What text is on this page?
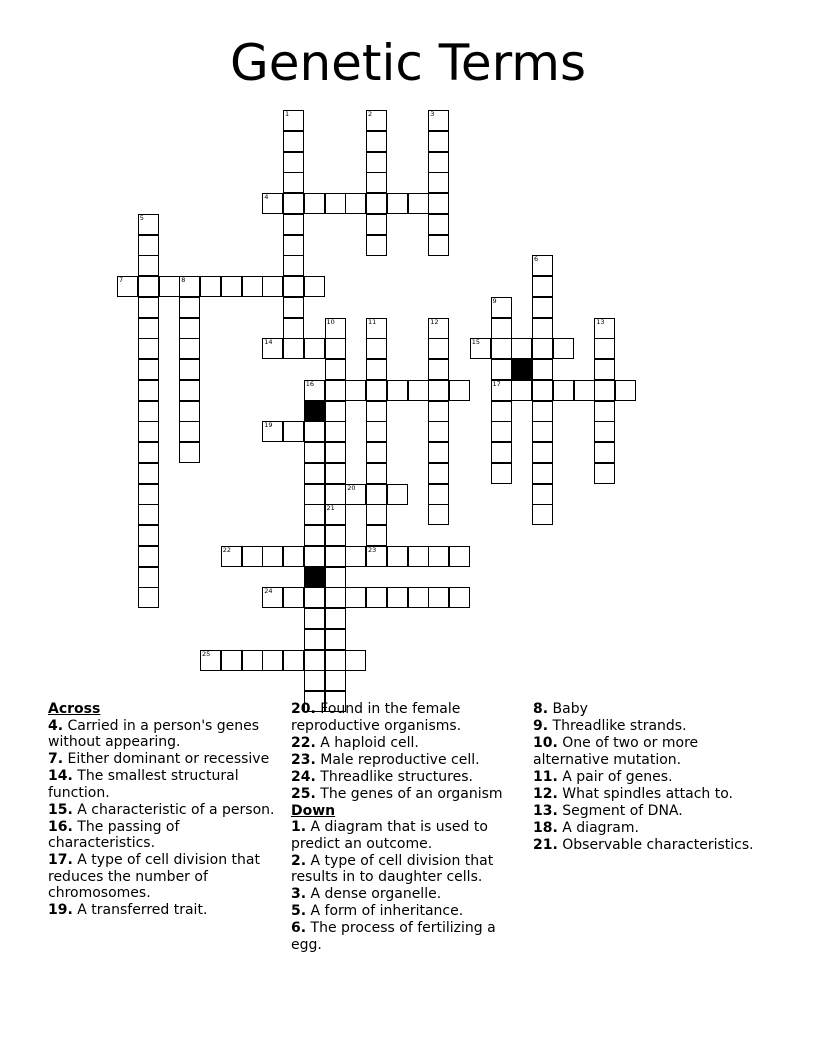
Genetic Terms
1	2	3
4
5
6
7	8
9
17
10
21
11	12	13
14	15
16
19
20
22	23
24
25
Across
4. Carried in a person's genes without appearing.
7. Either dominant or recessive
14. The smallest structural function.
15. A characteristic of a person.
16. The passing of characteristics.
17. A type of cell division that reduces the number of chromosomes.
19. A transferred trait.
20. Found in the female reproductive organisms.
22. A haploid cell.
23. Male reproductive cell.
24. Threadlike structures.
25. The genes of an organism
Down
1. A diagram that is used to predict an outcome.
2. A type of cell division that results in to daughter cells.
3. A dense organelle.
5. A form of inheritance.
6. The process of fertilizing a egg.
8. Baby
9. Threadlike strands.
10. One of two or more alternative mutation.
11. A pair of genes.
12. What spindles attach to.
13. Segment of DNA.
18. A diagram.
21. Observable characteristics.
